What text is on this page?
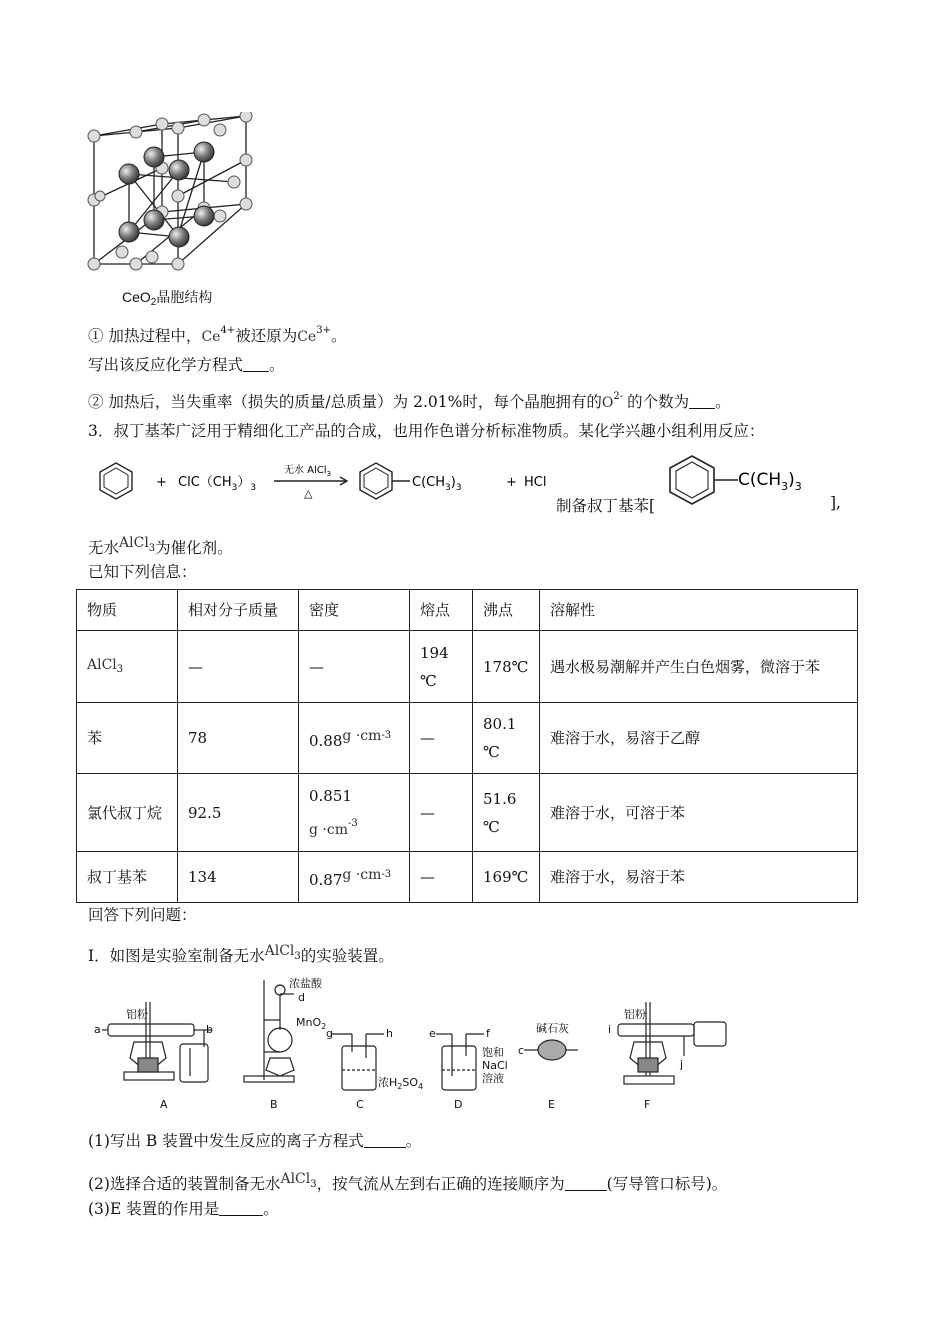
CeO$_2$晶胞结构
① 加热过程中，$Ce^{4+}$被还原为$Ce^{3+}$。
写出该反应化学方程式 。
② 加热后，当失重率（损失的质量/总质量）为 2.01%时，每个晶胞拥有的$O^{2-}$ 的个数为 。
3．叔丁基苯广泛用于精细化工产品的合成，也用作色谱分析标准物质。某化学兴趣小组利用反应：
+ $ClC(CH_3)_3$
无水 AlCl$_3$
△
$C(CH_3)_3$	+ HCl
制备叔丁基苯[
$C(CH_3)_3$
],
无水AlCl$^3$为催化剂。
已知下列信息：
物质	相对分子质量	密度	熔点	沸点	溶解性
AlCl$_3$	—	—	194 ℃	178℃	遇水极易潮解并产生白色烟雾，微溶于苯
苯	78	$0.88g \cdot cm^{-3}$	—	80.1 ℃	难溶于水，易溶于乙醇
氯代叔丁烷	92.5	0.851
$g \cdot cm^{-3}$	—	51.6 ℃	难溶于水，可溶于苯
叔丁基苯	134	$0.87g \cdot cm^{-3}$	—	169℃	难溶于水，易溶于苯
回答下列问题：
I．如图是实验室制备无水AlCl$^3$的实验装置。
a	b
铝粉
浓盐酸
d
MnO$_2$
g	h
浓$H_2SO_4$
e	f
饱和
NaCl
溶液
碱石灰
c
铝粉
i
j
A	B	C	D	E	F
(1)写出 B 装置中发生反应的离子方程式	。
(2)选择合适的装置制备无水AlCl$^3$，按气流从左到右正确的连接顺序为	(写导管口标号)。
(3)E 装置的作用是	。
